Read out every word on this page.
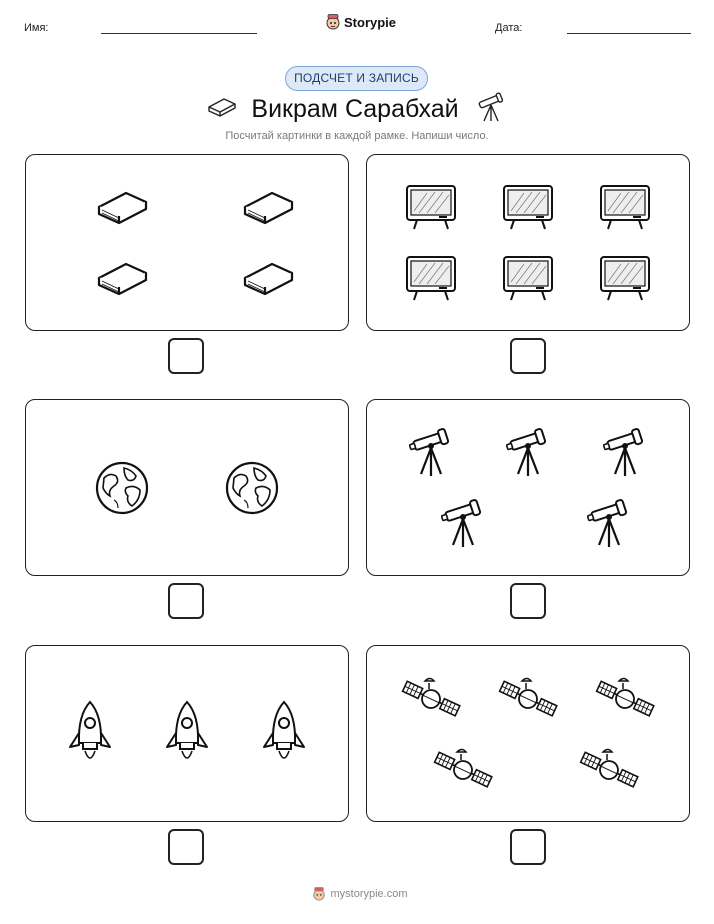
Имя:	Storypie	Дата:
ПОДСЧЕТ И ЗАПИСЬ
Викрам Сарабхай
Посчитай картинки в каждой рамке. Напиши число.
mystorypie.com
